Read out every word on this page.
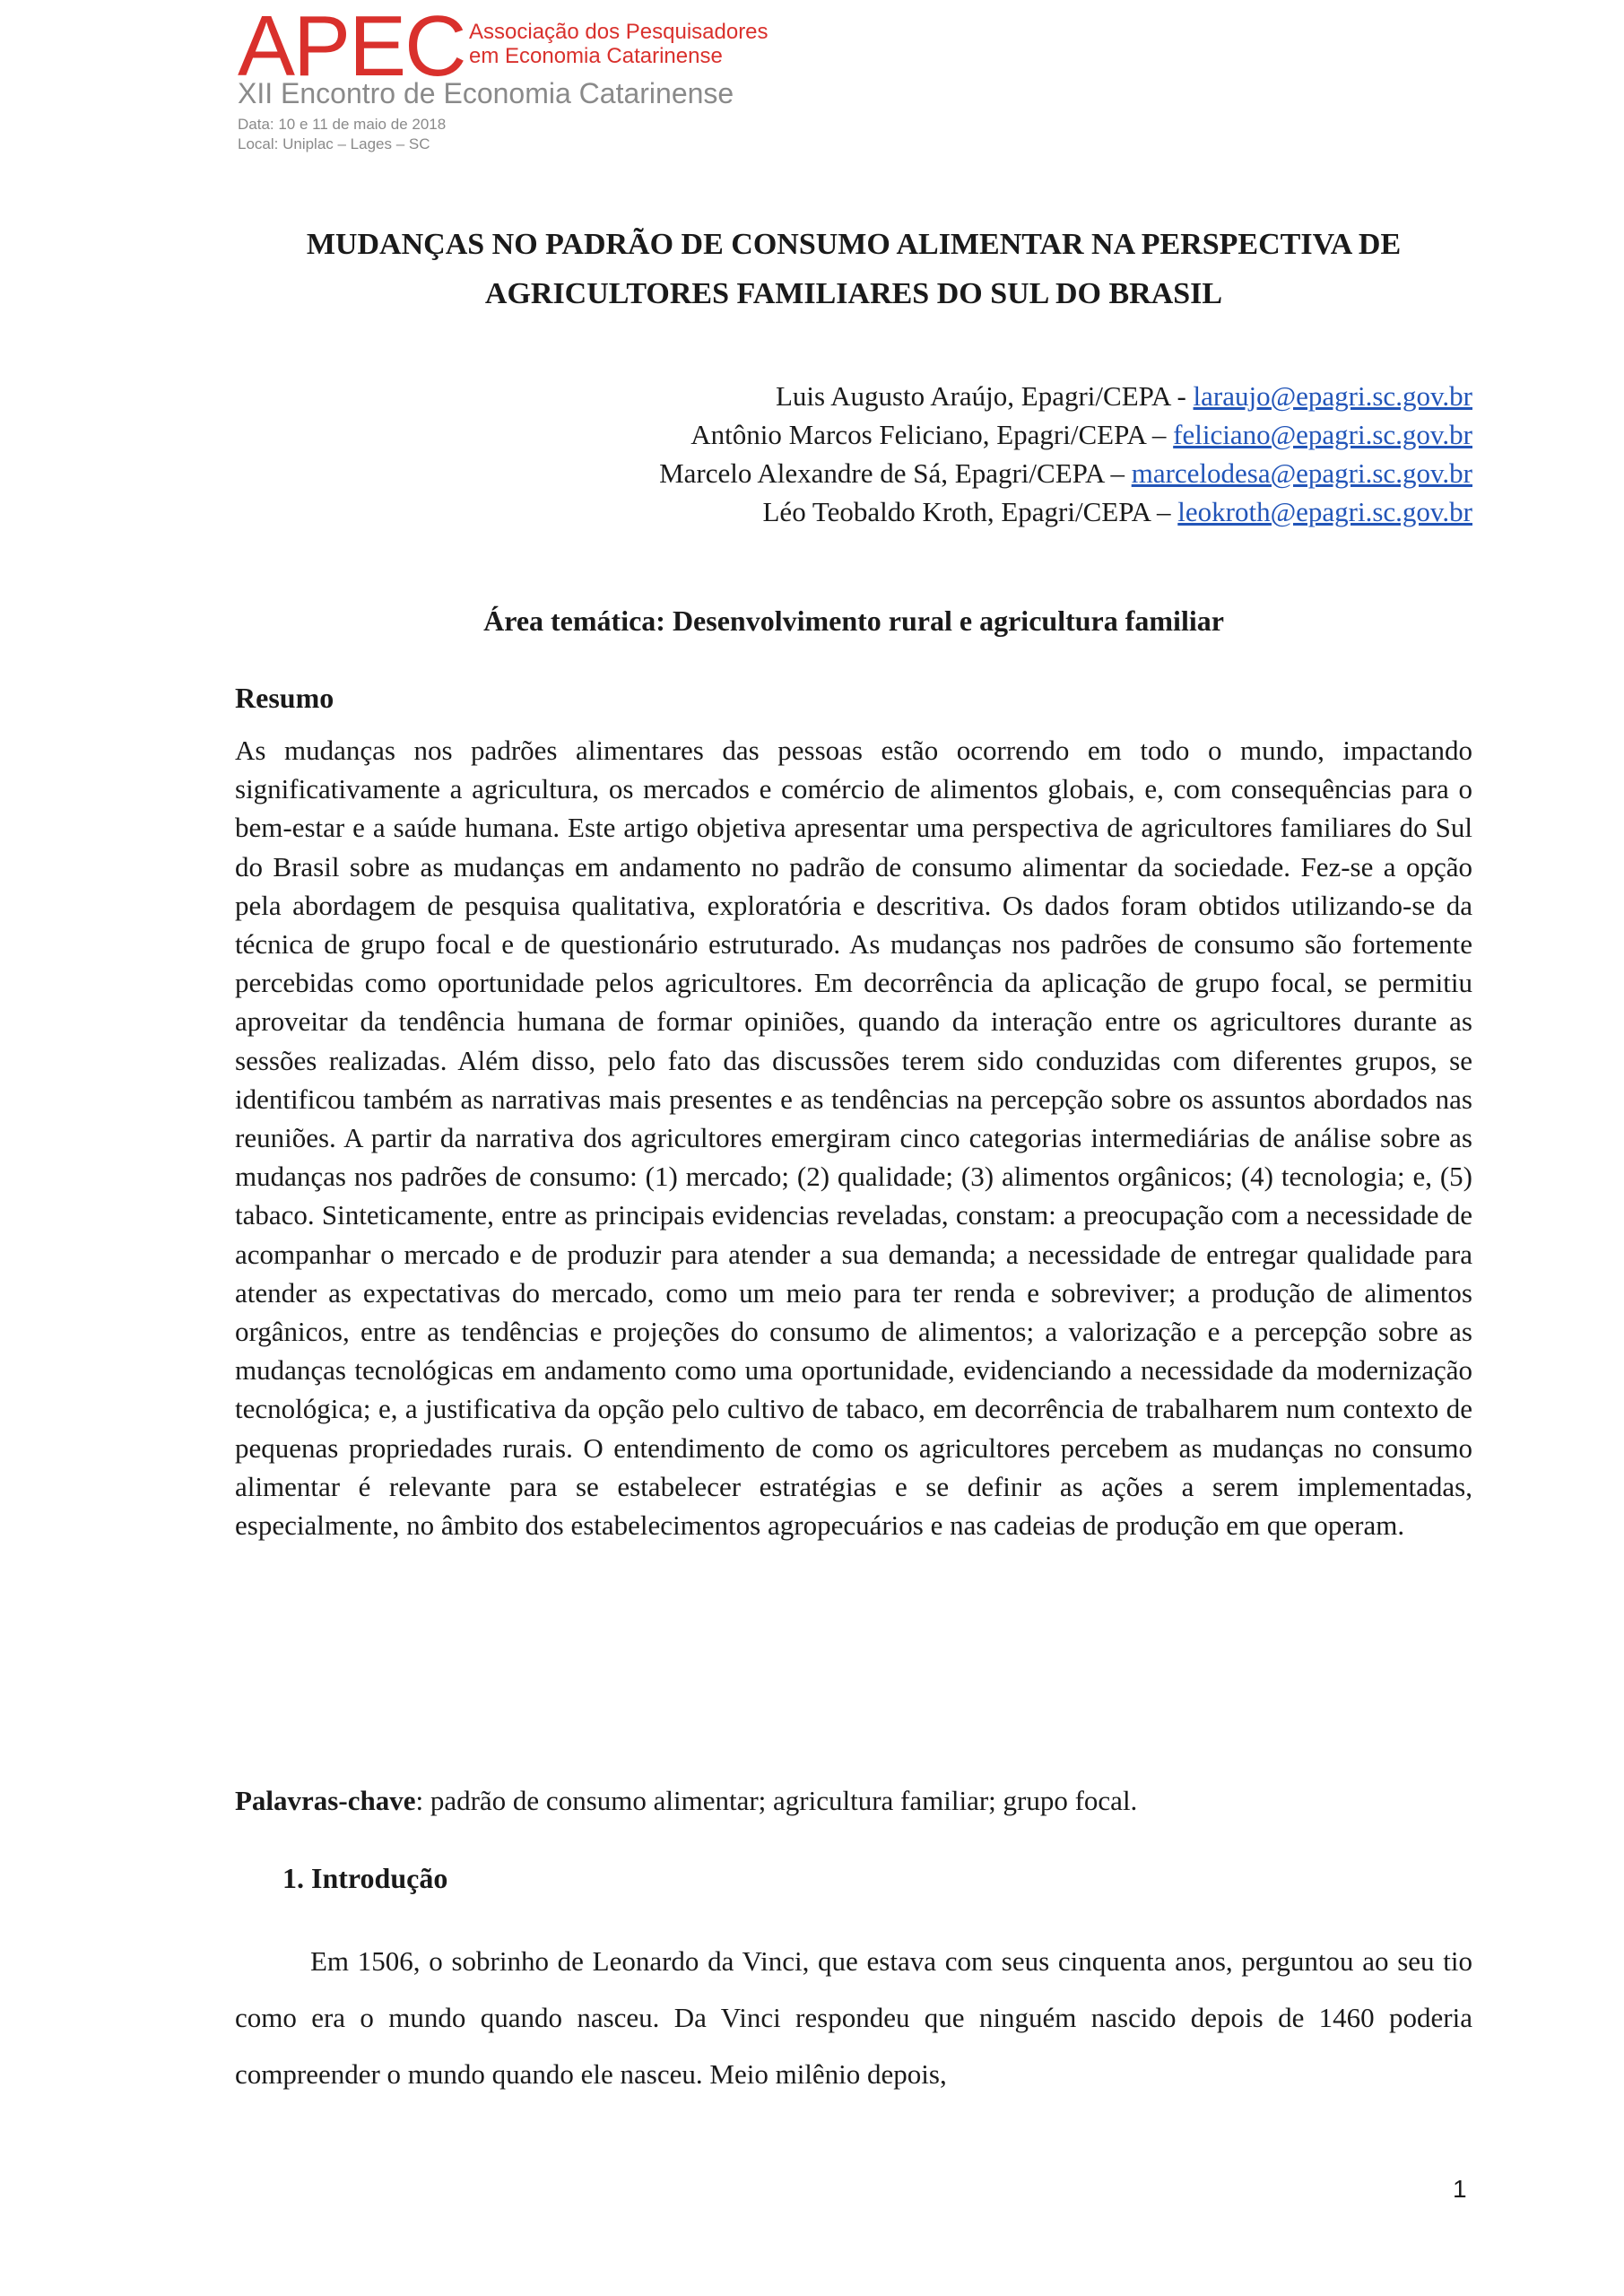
APEC Associação dos Pesquisadores
em Economia Catarinense
XII Encontro de Economia Catarinense
Data: 10 e 11 de maio de 2018
Local: Uniplac – Lages – SC
MUDANÇAS NO PADRÃO DE CONSUMO ALIMENTAR NA PERSPECTIVA DE
AGRICULTORES FAMILIARES DO SUL DO BRASIL
Luis Augusto Araújo, Epagri/CEPA - laraujo@epagri.sc.gov.br
Antônio Marcos Feliciano, Epagri/CEPA – feliciano@epagri.sc.gov.br
Marcelo Alexandre de Sá, Epagri/CEPA – marcelodesa@epagri.sc.gov.br
Léo Teobaldo Kroth, Epagri/CEPA – leokroth@epagri.sc.gov.br
Área temática: Desenvolvimento rural e agricultura familiar
Resumo

As mudanças nos padrões alimentares das pessoas estão ocorrendo em todo o mundo, impactando significativamente a agricultura, os mercados e comércio de alimentos globais, e, com consequências para o bem-estar e a saúde humana. Este artigo objetiva apresentar uma perspectiva de agricultores familiares do Sul do Brasil sobre as mudanças em andamento no padrão de consumo alimentar da sociedade. Fez-se a opção pela abordagem de pesquisa qualitativa, exploratória e descritiva. Os dados foram obtidos utilizando-se da técnica de grupo focal e de questionário estruturado. As mudanças nos padrões de consumo são fortemente percebidas como oportunidade pelos agricultores. Em decorrência da aplicação de grupo focal, se permitiu aproveitar da tendência humana de formar opiniões, quando da interação entre os agricultores durante as sessões realizadas. Além disso, pelo fato das discussões terem sido conduzidas com diferentes grupos, se identificou também as narrativas mais presentes e as tendências na percepção sobre os assuntos abordados nas reuniões. A partir da narrativa dos agricultores emergiram cinco categorias intermediárias de análise sobre as mudanças nos padrões de consumo: (1) mercado; (2) qualidade; (3) alimentos orgânicos; (4) tecnologia; e, (5) tabaco. Sinteticamente, entre as principais evidencias reveladas, constam: a preocupação com a necessidade de acompanhar o mercado e de produzir para atender a sua demanda; a necessidade de entregar qualidade para atender as expectativas do mercado, como um meio para ter renda e sobreviver; a produção de alimentos orgânicos, entre as tendências e projeções do consumo de alimentos; a valorização e a percepção sobre as mudanças tecnológicas em andamento como uma oportunidade, evidenciando a necessidade da modernização tecnológica; e, a justificativa da opção pelo cultivo de tabaco, em decorrência de trabalharem num contexto de pequenas propriedades rurais. O entendimento de como os agricultores percebem as mudanças no consumo alimentar é relevante para se estabelecer estratégias e se definir as ações a serem implementadas, especialmente, no âmbito dos estabelecimentos agropecuários e nas cadeias de produção em que operam.

Palavras-chave: padrão de consumo alimentar; agricultura familiar; grupo focal.
1. Introdução

Em 1506, o sobrinho de Leonardo da Vinci, que estava com seus cinquenta anos, perguntou ao seu tio como era o mundo quando nasceu. Da Vinci respondeu que ninguém nascido depois de 1460 poderia compreender o mundo quando ele nasceu. Meio milênio depois,

1
